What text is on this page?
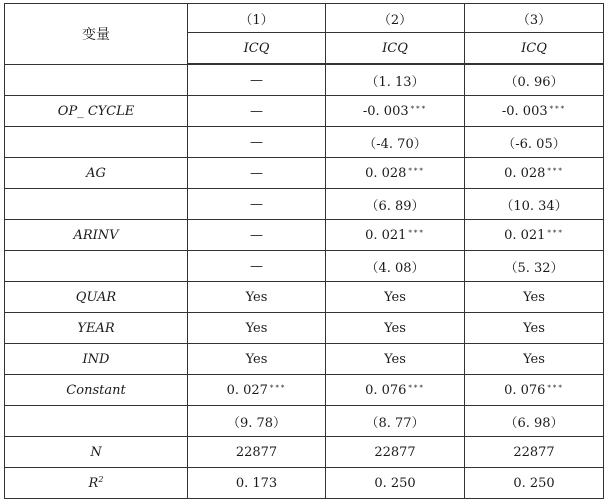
变量	（1）	（2）	（3）
	ICQ	ICQ	ICQ
	—	（1. 13）	（0. 96）
OP_ CYCLE	—	-0. 003 ***	-0. 003 ***
	—	（-4. 70）	（-6. 05）
AG	—	0. 028 ***	0. 028 ***
	—	（6. 89）	（10. 34）
ARINV	—	0. 021 ***	0. 021 ***
	—	（4. 08）	（5. 32）
QUAR	Yes	Yes	Yes
YEAR	Yes	Yes	Yes
IND	Yes	Yes	Yes
Constant	0. 027 ***	0. 076 ***	0. 076 ***
	（9. 78）	（8. 77）	（6. 98）
N	22877	22877	22877
$R^2$	0. 173	0. 250	0. 250
